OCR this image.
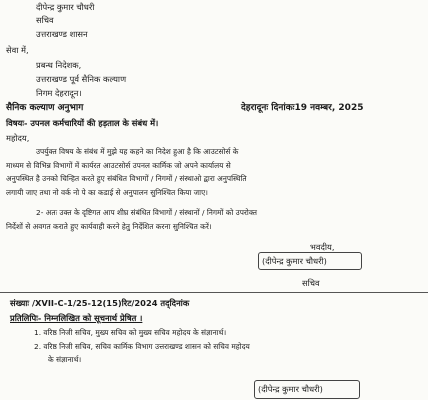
दीपेन्द्र कुमार चौधरी
सचिव
उत्तराखण्ड शासन
सेवा में,
प्रबन्ध निदेशक,
उत्तराखण्ड पूर्व सैनिक कल्याण
निगम देहरादून।
सैनिक कल्याण अनुभाग	देहरादूनः दिनांकः19 नवम्बर, 2025
विषयः- उपनल कर्मचारियों की हड़ताल के संबंध में।
महोदय,
उपर्युक्त विषय के संबंध में मुझे यह कहने का निदेश हुआ है कि आउटसोर्स के
माध्यम से विभिन्न विभागों में कार्यरत आउटसोर्स उपनल कार्मिक जो अपने कार्यालय से
अनुपस्थित है उनको चिन्हित करते हुए संबंधित विभागों / निगमों / संस्थाओ द्वारा अनुपस्थिति
लगायी जाए तथा नो वर्क नो पे का कडाई से अनुपालन सुनिश्चित किया जाए।
2- अतः उक्त के दृष्टिगत आप शीघ्र संबंधित विभागों / संस्थानों / निगमों को उपरोक्त
निर्देशों से अवगत कराते हुए कार्यवाही करने हेतु निर्देशित करना सुनिश्चित करें।
भवदीय,
(दीपेन्द्र कुमार चौधरी)
सचिव
संख्याः /XVII-C-1/25-12(15)रिट/2024 तद्‌दिनांक
प्रतिलिपिः- निम्नलिखित को सूचनार्थ प्रेषित ।
1. वरिष्ठ निजी सचिव, मुख्य सचिव को मुख्य सचिव महोदय के संज्ञानार्थ।
2. वरिष्ठ निजी सचिव, सचिव कार्मिक विभाग उत्तराखण्ड शासन को सचिव महोदय
के संज्ञानार्थ।
(दीपेन्द्र कुमार चौधरी)
